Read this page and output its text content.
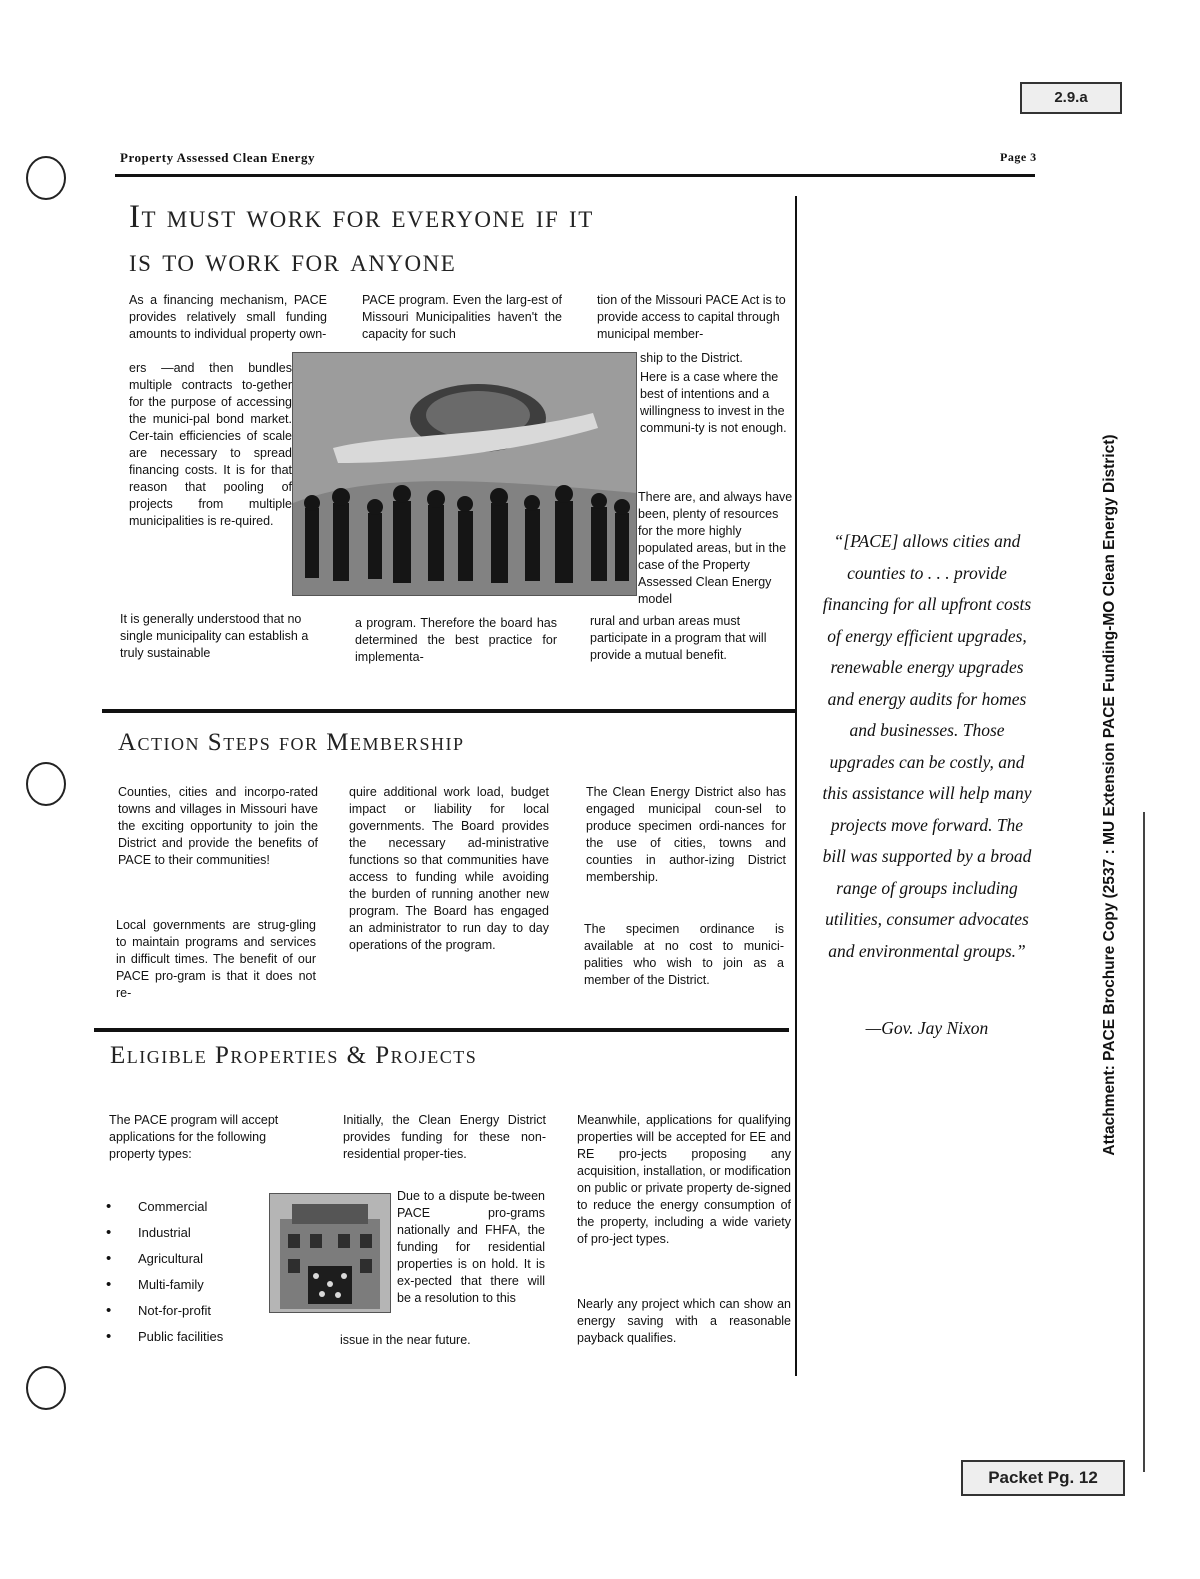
2.9.a
Packet Pg. 12
Property Assessed Clean Energy	Page 3
It must work for everyone if it
is to work for anyone
As a financing mechanism, PACE provides relatively small funding amounts to individual property own-
ers —and then bundles multiple contracts to-gether for the purpose of accessing the munici-pal bond market. Cer-tain efficiencies of scale are necessary to spread financing costs. It is for that reason that pooling of projects from multiple municipalities is re-quired.
It is generally understood that no single municipality can establish a truly sustainable
PACE program. Even the larg-est of Missouri Municipalities haven't the capacity for such
a program. Therefore the board has determined the best practice for implementa-
tion of the Missouri PACE Act is to provide access to capital through municipal member-
ship to the District.
Here is a case where the best of intentions and a willingness to invest in the communi-ty is not enough.
There are, and always have been, plenty of resources for the more highly populated areas, but in the case of the Property Assessed Clean Energy model
rural and urban areas must participate in a program that will provide a mutual benefit.
Action Steps for Membership
Counties, cities and incorpo-rated towns and villages in Missouri have the exciting opportunity to join the District and provide the benefits of PACE to their communities!
Local governments are strug-gling to maintain programs and services in difficult times. The benefit of our PACE pro-gram is that it does not re-
quire additional work load, budget impact or liability for local governments. The Board provides the necessary ad-ministrative functions so that communities have access to funding while avoiding the burden of running another new program. The Board has engaged an administrator to run day to day operations of the program.
The Clean Energy District also has engaged municipal coun-sel to produce specimen ordi-nances for the use of cities, towns and counties in author-izing District membership.
The specimen ordinance is available at no cost to munici-palities who wish to join as a member of the District.
Eligible Properties & Projects
The PACE program will accept applications for the following property types:
• Commercial
• Industrial
• Agricultural
• Multi-family
• Not-for-profit
• Public facilities
Initially, the Clean Energy District provides funding for these non-residential proper-ties.
Due to a dispute be-tween PACE pro-grams nationally and FHFA, the funding for residential properties is on hold. It is ex-pected that there will be a resolution to this
issue in the near future.
Meanwhile, applications for qualifying properties will be accepted for EE and RE pro-jects proposing any acquisition, installation, or modification on public or private property de-signed to reduce the energy consumption of the property, including a wide variety of pro-ject types.
Nearly any project which can show an energy saving with a reasonable payback qualifies.
“[PACE] allows cities and counties to . . . provide financing for all upfront costs of energy efficient upgrades, renewable energy upgrades and energy audits for homes and businesses. Those upgrades can be costly, and this assistance will help many projects move forward. The bill was supported by a broad range of groups including utilities, consumer advocates and environmental groups.”
—Gov. Jay Nixon	Attachment: PACE Brochure Copy (2537 : MU Extension PACE Funding-MO Clean Energy District)
